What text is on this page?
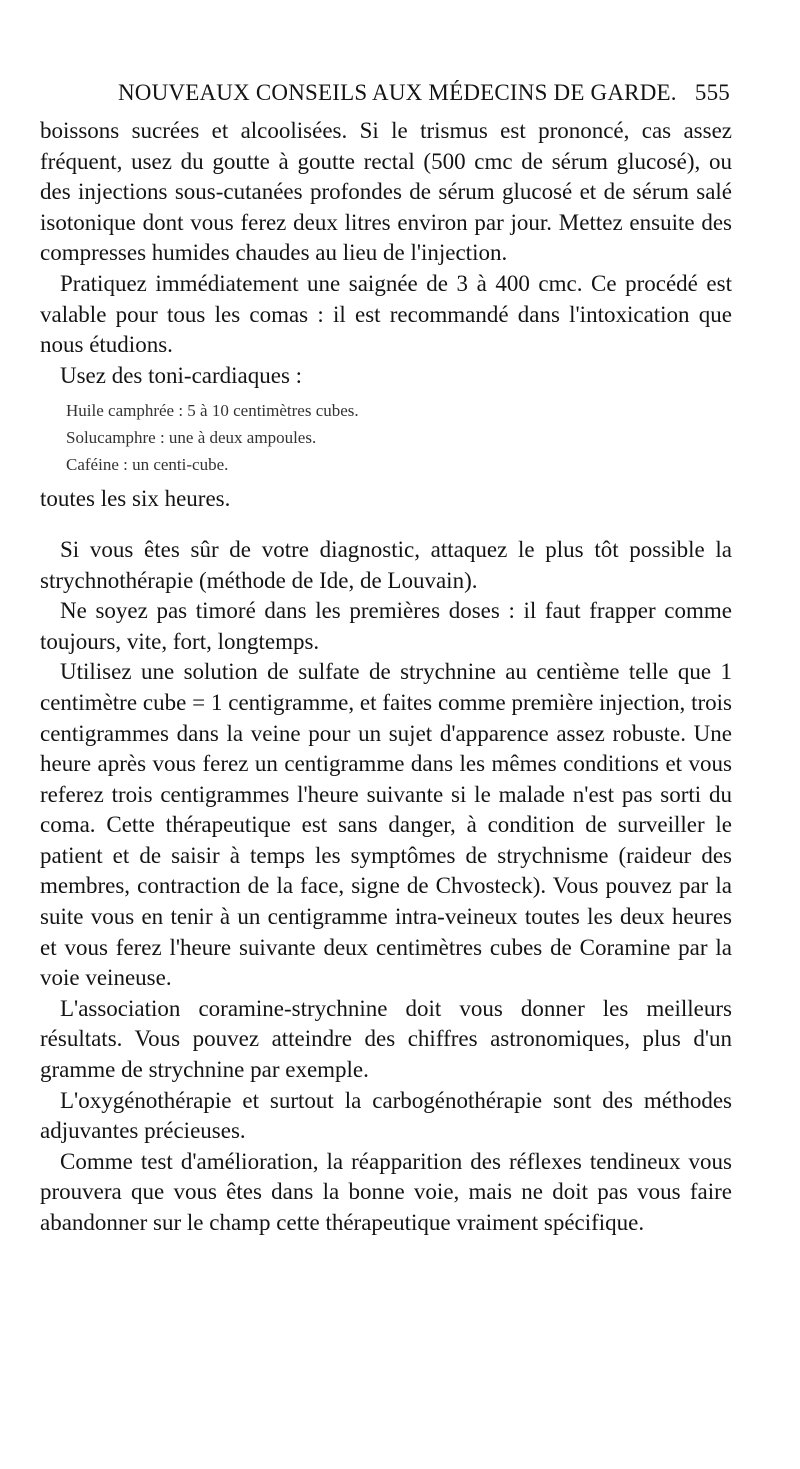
NOUVEAUX CONSEILS AUX MÉDECINS DE GARDE. 555

boissons sucrées et alcoolisées. Si le trismus est prononcé, cas assez fréquent, usez du goutte à goutte rectal (500 cmc de sérum glucosé), ou des injections sous-cutanées profondes de sérum glucosé et de sérum salé isotonique dont vous ferez deux litres environ par jour. Mettez ensuite des compresses humides chaudes au lieu de l'injection.

Pratiquez immédiatement une saignée de 3 à 400 cmc. Ce procédé est valable pour tous les comas : il est recommandé dans l'intoxication que nous étudions.

Usez des toni-cardiaques :

Huile camphrée : 5 à 10 centimètres cubes.
Solucamphre : une à deux ampoules.
Caféine : un centi-cube.

toutes les six heures.

Si vous êtes sûr de votre diagnostic, attaquez le plus tôt possible la strychnothérapie (méthode de Ide, de Louvain).

Ne soyez pas timoré dans les premières doses : il faut frapper comme toujours, vite, fort, longtemps.

Utilisez une solution de sulfate de strychnine au centième telle que 1 centimètre cube = 1 centigramme, et faites comme première injection, trois centigrammes dans la veine pour un sujet d'apparence assez robuste. Une heure après vous ferez un centigramme dans les mêmes conditions et vous referez trois centigrammes l'heure suivante si le malade n'est pas sorti du coma. Cette thérapeutique est sans danger, à condition de surveiller le patient et de saisir à temps les symptômes de strychnisme (raideur des membres, contraction de la face, signe de Chvosteck). Vous pouvez par la suite vous en tenir à un centigramme intra-veineux toutes les deux heures et vous ferez l'heure suivante deux centimètres cubes de Coramine par la voie veineuse.

L'association coramine-strychnine doit vous donner les meilleurs résultats. Vous pouvez atteindre des chiffres astronomiques, plus d'un gramme de strychnine par exemple.

L'oxygénothérapie et surtout la carbogénothérapie sont des méthodes adjuvantes précieuses.

Comme test d'amélioration, la réapparition des réflexes tendineux vous prouvera que vous êtes dans la bonne voie, mais ne doit pas vous faire abandonner sur le champ cette thérapeutique vraiment spécifique.
